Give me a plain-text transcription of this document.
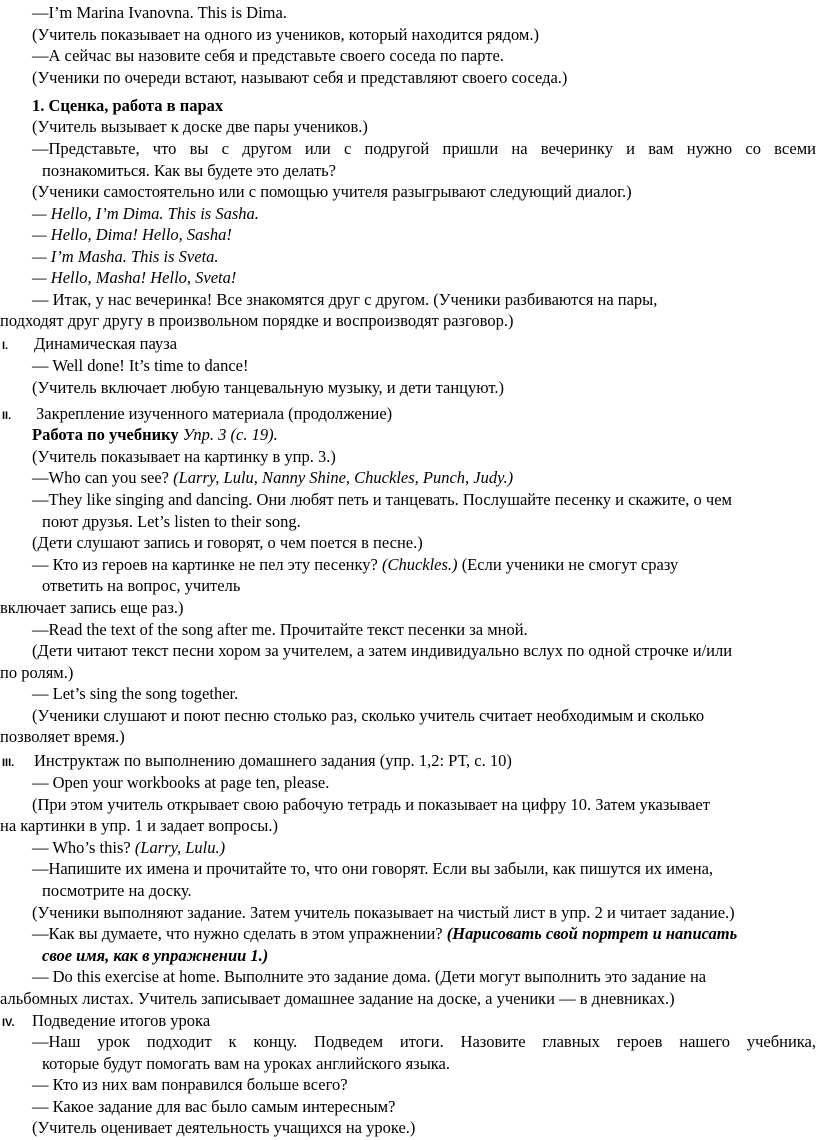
—I’m Marina Ivanovna. This is Dima.
(Учитель показывает на одного из учеников, который находится рядом.)
—А сейчас вы назовите себя и представьте своего соседа по парте.
(Ученики по очереди встают, называют себя и представляют своего соседа.)
1. Сценка, работа в парах
(Учитель вызывает к доске две пары учеников.)
—Представьте, что вы с другом или с подругой пришли на вечеринку и вам нужно со всеми
познакомиться. Как вы будете это делать?
(Ученики самостоятельно или с помощью учителя разыгрывают следующий диалог.)
— Hello, I’m Dima. This is Sasha.
— Hello, Dima! Hello, Sasha!
— I’m Masha. This is Sveta.
— Hello, Masha! Hello, Sveta!
— Итак, у нас вечеринка! Все знакомятся друг с другом. (Ученики разбиваются на пары,
подходят друг другу в произвольном порядке и воспроизводят разговор.)
I.	Динамическая пауза
— Well done! It’s time to dance!
(Учитель включает любую танцевальную музыку, и дети танцуют.)
II.	Закрепление изученного материала (продолжение)
Работа по учебнику Упр. 3 (с. 19).
(Учитель показывает на картинку в упр. 3.)
—Who can you see? (Larry, Lulu, Nanny Shine, Chuckles, Punch, Judy.)
—They like singing and dancing. Они любят петь и танцевать. Послушайте песенку и скажите, о чем
поют друзья. Let’s listen to their song.
(Дети слушают запись и говорят, о чем поется в песне.)
— Кто из героев на картинке не пел эту песенку? (Chuckles.) (Если ученики не смогут сразу
ответить на вопрос, учитель
включает запись еще раз.)
—Read the text of the song after me. Прочитайте текст песенки за мной.
(Дети читают текст песни хором за учителем, а затем индивидуально вслух по одной строчке и/или
по ролям.)
— Let’s sing the song together.
(Ученики слушают и поют песню столько раз, сколько учитель считает необходимым и сколько
позволяет время.)
III.	Инструктаж по выполнению домашнего задания (упр. 1,2: РТ, с. 10)
— Open your workbooks at page ten, please.
(При этом учитель открывает свою рабочую тетрадь и показывает на цифру 10. Затем указывает
на картинки в упр. 1 и задает вопросы.)
— Who’s this? (Larry, Lulu.)
—Напишите их имена и прочитайте то, что они говорят. Если вы забыли, как пишутся их имена,
посмотрите на доску.
(Ученики выполняют задание. Затем учитель показывает на чистый лист в упр. 2 и читает задание.)
—Как вы думаете, что нужно сделать в этом упражнении? (Нарисовать свой портрет и написать
свое имя, как в упражнении 1.)
— Do this exercise at home. Выполните это задание дома. (Дети могут выполнить это задание на
альбомных листах. Учитель записывает домашнее задание на доске, а ученики — в дневниках.)
IV.	Подведение итогов урока
—Наш урок подходит к концу. Подведем итоги. Назовите главных героев нашего учебника,
которые будут помогать вам на уроках английского языка.
— Кто из них вам понравился больше всего?
— Какое задание для вас было самым интересным?
(Учитель оценивает деятельность учащихся на уроке.)
